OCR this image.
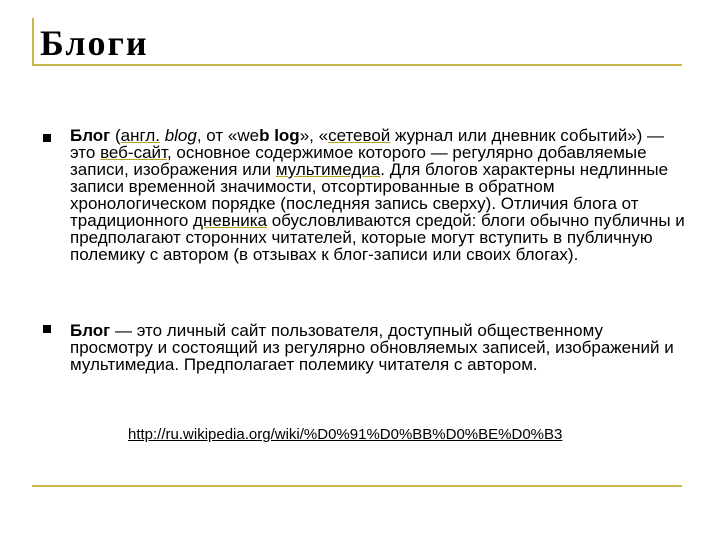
Блоги
Блог (англ. blog, от «web log», «сетевой журнал или дневник событий») — это веб-сайт, основное содержимое которого — регулярно добавляемые записи, изображения или мультимедиа. Для блогов характерны недлинные записи временной значимости, отсортированные в обратном хронологическом порядке (последняя запись сверху). Отличия блога от традиционного дневника обусловливаются средой: блоги обычно публичны и предполагают сторонних читателей, которые могут вступить в публичную полемику с автором (в отзывах к блог-записи или своих блогах).
Блог — это личный сайт пользователя, доступный общественному просмотру и состоящий из регулярно обновляемых записей, изображений и мультимедиа. Предполагает полемику читателя с автором.
http://ru.wikipedia.org/wiki/%D0%91%D0%BB%D0%BE%D0%B3
